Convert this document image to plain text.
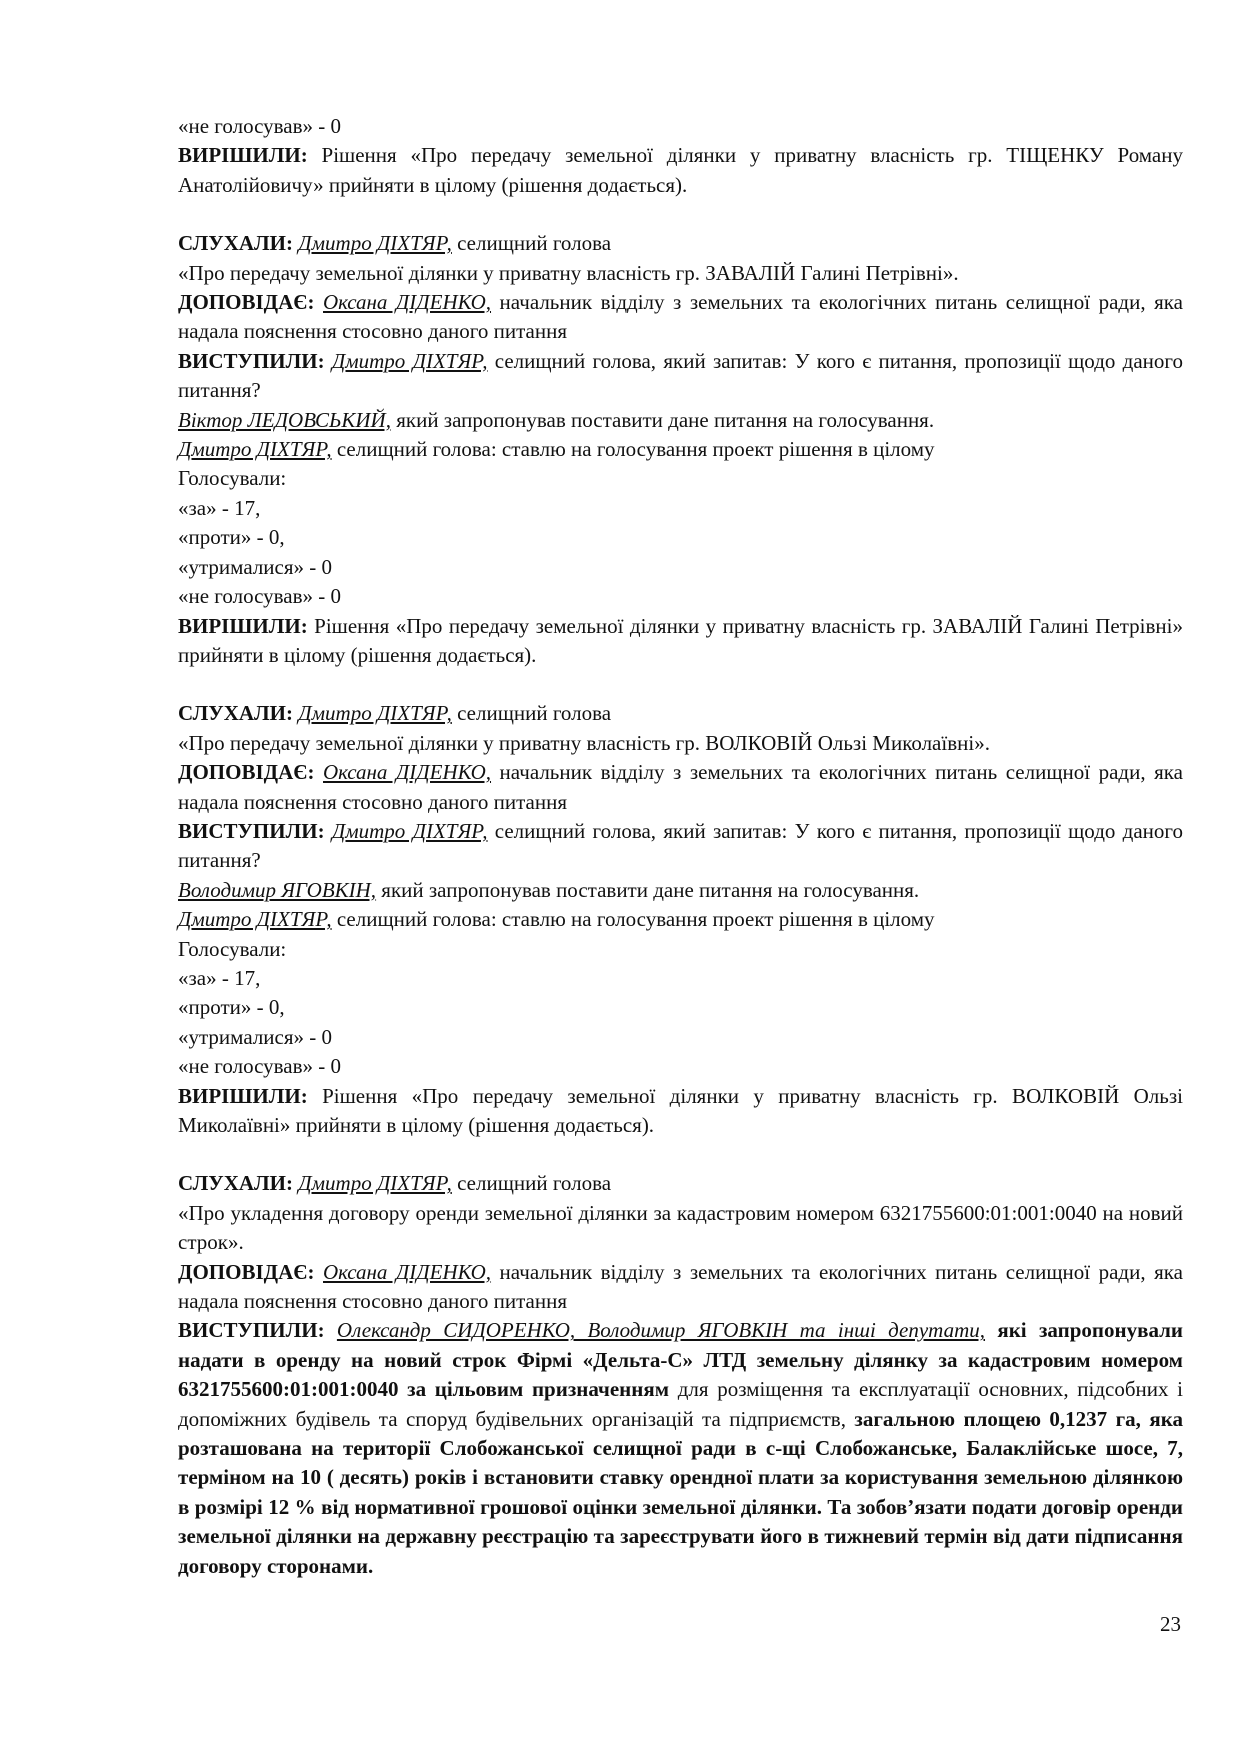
«не голосував» - 0

ВИРІШИЛИ: Рішення «Про передачу земельної ділянки у приватну власність гр. ТІЩЕНКУ Роману Анатолійовичу» прийняти в цілому (рішення додається).

СЛУХАЛИ: Дмитро ДІХТЯР, селищний голова

«Про передачу земельної ділянки у приватну власність гр. ЗАВАЛІЙ Галині Петрівні».

ДОПОВІДАЄ: Оксана ДІДЕНКО, начальник відділу з земельних та екологічних питань селищної ради, яка надала пояснення стосовно даного питання

ВИСТУПИЛИ: Дмитро ДІХТЯР, селищний голова, який запитав: У кого є питання, пропозиції щодо даного питання?

Віктор ЛЕДОВСЬКИЙ, який запропонував поставити дане питання на голосування.

Дмитро ДІХТЯР, селищний голова: ставлю на голосування проект рішення в цілому

Голосували:

«за» - 17,

«проти» - 0,

«утрималися» - 0

«не голосував» - 0

ВИРІШИЛИ: Рішення «Про передачу земельної ділянки у приватну власність гр. ЗАВАЛІЙ Галині Петрівні» прийняти в цілому (рішення додається).

СЛУХАЛИ: Дмитро ДІХТЯР, селищний голова

«Про передачу земельної ділянки у приватну власність гр. ВОЛКОВІЙ Ользі Миколаївні».

ДОПОВІДАЄ: Оксана ДІДЕНКО, начальник відділу з земельних та екологічних питань селищної ради, яка надала пояснення стосовно даного питання

ВИСТУПИЛИ: Дмитро ДІХТЯР, селищний голова, який запитав: У кого є питання, пропозиції щодо даного питання?

Володимир ЯГОВКІН, який запропонував поставити дане питання на голосування.

Дмитро ДІХТЯР, селищний голова: ставлю на голосування проект рішення в цілому

Голосували:

«за» - 17,

«проти» - 0,

«утрималися» - 0

«не голосував» - 0

ВИРІШИЛИ: Рішення «Про передачу земельної ділянки у приватну власність гр. ВОЛКОВІЙ Ользі Миколаївні» прийняти в цілому (рішення додається).

СЛУХАЛИ: Дмитро ДІХТЯР, селищний голова

«Про укладення договору оренди земельної ділянки за кадастровим номером 6321755600:01:001:0040 на новий строк».

ДОПОВІДАЄ: Оксана ДІДЕНКО, начальник відділу з земельних та екологічних питань селищної ради, яка надала пояснення стосовно даного питання

ВИСТУПИЛИ: Олександр СИДОРЕНКО, Володимир ЯГОВКІН та інші депутати, які запропонували надати в оренду на новий строк Фірмі «Дельта-С» ЛТД земельну ділянку за кадастровим номером 6321755600:01:001:0040 за цільовим призначенням для розміщення та експлуатації основних, підсобних і допоміжних будівель та споруд будівельних організацій та підприємств, загальною площею 0,1237 га, яка розташована на території Слобожанської селищної ради в с-щі Слобожанське, Балаклійське шосе, 7, терміном на 10 ( десять) років і встановити ставку орендної плати за користування земельною ділянкою в розмірі 12 % від нормативної грошової оцінки земельної ділянки. Та зобов’язати подати договір оренди земельної ділянки на державну реєстрацію та зареєструвати його в тижневий термін від дати підписання договору сторонами.

23
